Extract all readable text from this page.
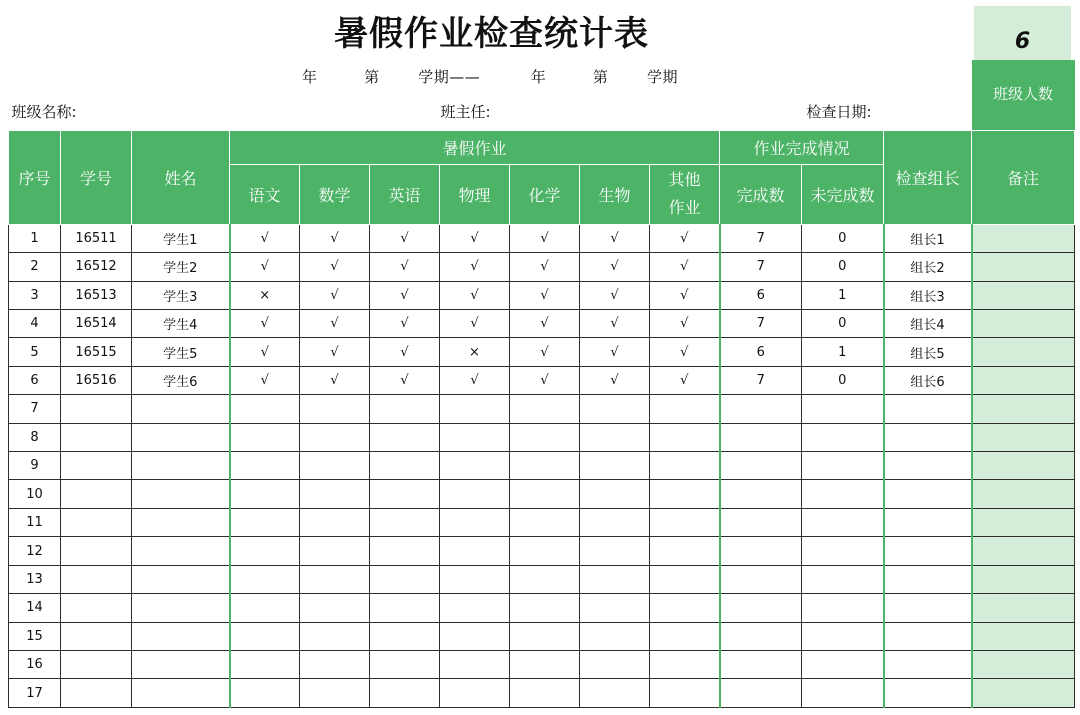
暑假作业检查统计表	6
年 第 学期—— 年 第 学期
班级名称: 班主任: 检查日期:													班级人数
序号	学号	姓名	暑假作业							作业完成情况		检查组长	备注
			语文	数学	英语	物理	化学	生物	其他作业	完成数	未完成数		
1	16511	学生1	√	√	√	√	√	√	√	7	0	组长1	
2	16512	学生2	√	√	√	√	√	√	√	7	0	组长2	
3	16513	学生3	×	√	√	√	√	√	√	6	1	组长3	
4	16514	学生4	√	√	√	√	√	√	√	7	0	组长4	
5	16515	学生5	√	√	√	×	√	√	√	6	1	组长5	
6	16516	学生6	√	√	√	√	√	√	√	7	0	组长6	
7													
8													
9													
10													
11													
12													
13													
14													
15													
16													
17													
